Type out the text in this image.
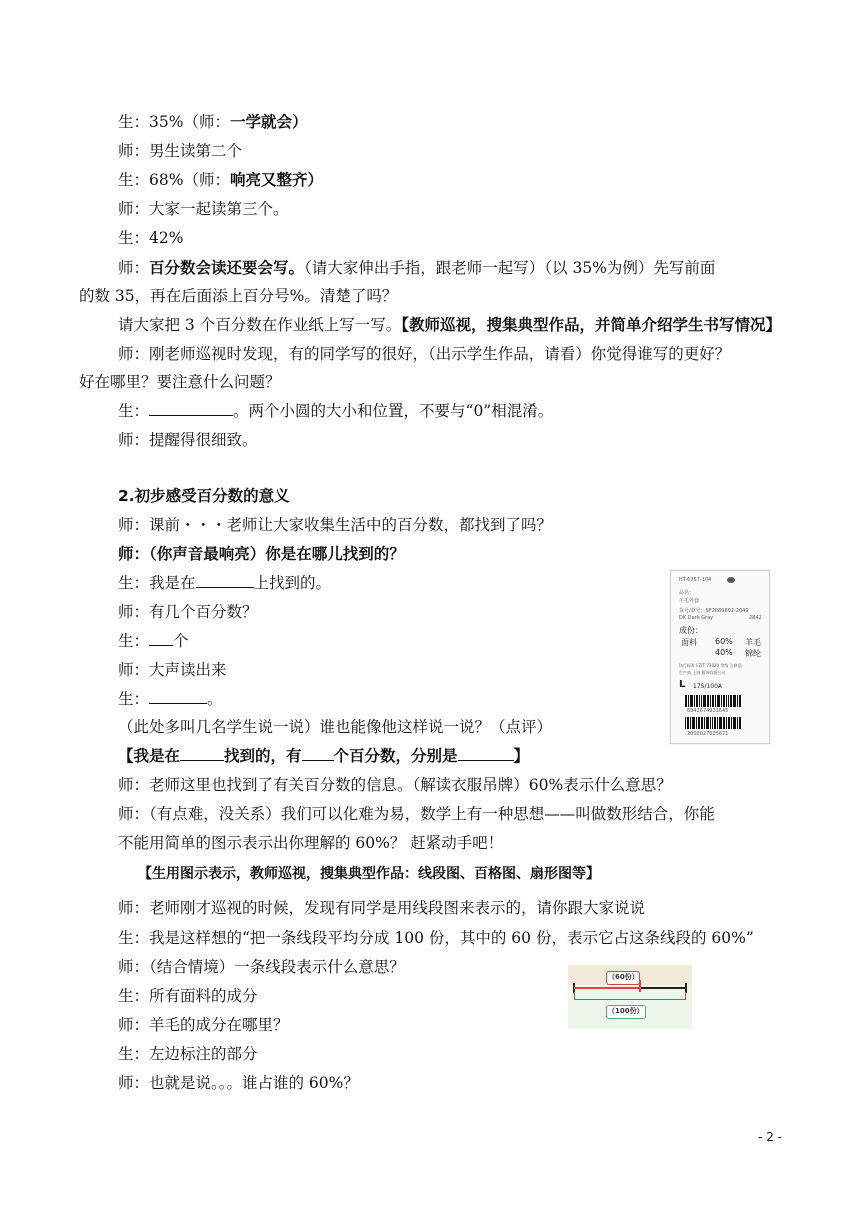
生：35%（师：一学就会）
师：男生读第二个
生：68%（师：响亮又整齐）
师：大家一起读第三个。
生：42%
师：百分数会读还要会写。（请大家伸出手指，跟老师一起写）（以 35%为例）先写前面
的数 35，再在后面添上百分号%。清楚了吗？
请大家把 3 个百分数在作业纸上写一写。【教师巡视，搜集典型作品，并简单介绍学生书写情况】
师：刚老师巡视时发现，有的同学写的很好，（出示学生作品，请看）你觉得谁写的更好？
好在哪里？要注意什么问题？
生：	。两个小圆的大小和位置，不要与“0”相混淆。
师：提醒得很细致。
2.初步感受百分数的意义
师：课前・・・老师让大家收集生活中的百分数，都找到了吗？
师：（你声音最响亮）你是在哪儿找到的？
生：我是在	上找到的。
师：有几个百分数？
生： 个
师：大声读出来
生：	。
（此处多叫几名学生说一说）谁也能像他这样说一说？（点评）
【我是在	找到的，有 个百分数，分别是	】
师：老师这里也找到了有关百分数的信息。（解读衣服吊牌）60%表示什么意思？
师：（有点难，没关系）我们可以化难为易，数学上有一种思想——叫做数形结合，你能
不能用简单的图示表示出你理解的 60%？ 赶紧动手吧！
【生用图示表示，教师巡视，搜集典型作品：线段图、百格图、扇形图等】
师：老师刚才巡视的时候，发现有同学是用线段图来表示的，请你跟大家说说
生：我是这样想的“把一条线段平均分成 100 份，其中的 60 份，表示它占这条线段的 60%”
师：（结合情境）一条线段表示什么意思？
生：所有面料的成分
师：羊毛的成分在哪里？
生：左边标注的部分
师：也就是说。。。谁占谁的 60%？
HT-6357-104
品名：
羊毛外套
货号/款号：SF2089602-2049
DK Dark Gray	2842
成份：
面料 60% 羊毛
40% 锦纶
执行标准 FZ/T 73020 等级 合格品
生产商 上海 服饰有限公司
L 175/100A
6942674931645
2000027025671
（60份）
（100份）
- 2 -
